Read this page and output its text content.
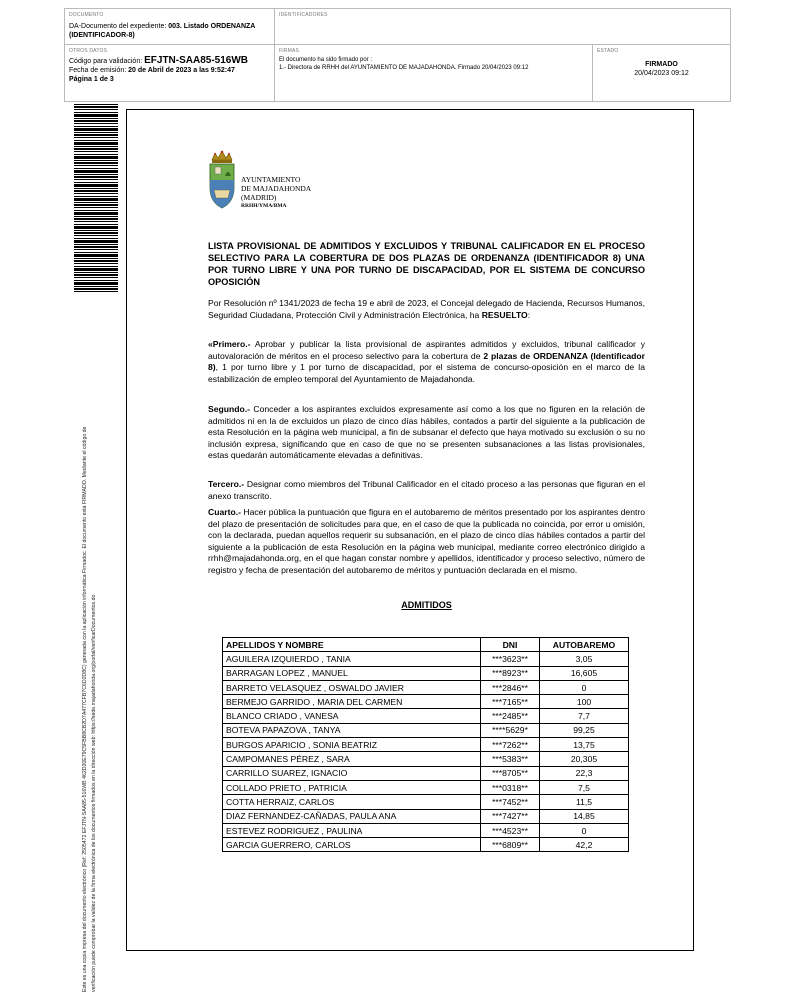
DOCUMENTO
DA-Documento del expediente: 003. Listado ORDENANZA (IDENTIFICADOR-8)
IDENTIFICADORES
OTROS DATOS
Código para validación: EFJTN-SAA85-516WB
Fecha de emisión: 20 de Abril de 2023 a las 9:52:47
Página 1 de 3
FIRMAS
El documento ha sido firmado por :
1.- Directora de RRHH del AYUNTAMIENTO DE MAJADAHONDA. Firmado 20/04/2023 09:12
ESTADO
FIRMADO
20/04/2023 09:12
Este es una copia impresa del documento electrónico (Ref: 2505472 EFJTN-SAA85-516WB 462D20E79C5FBB8CB2D7A477CFB7C6D2D8C) generada con la aplicación informática Firmadoc. El documento está FIRMADO. Mediante el código de verificación puede comprobar la validez de la firma electrónica de los documentos firmados en la dirección web: https://sede.majadahonda.org/portal/verificarDocumentos.do
AYUNTAMIENTO
DE MAJADAHONDA
(MADRID)
RRHH/YMA/BMA
LISTA PROVISIONAL DE ADMITIDOS Y EXCLUIDOS Y TRIBUNAL CALIFICADOR EN EL PROCESO SELECTIVO PARA LA COBERTURA DE DOS PLAZAS DE ORDENANZA (IDENTIFICADOR 8) UNA POR TURNO LIBRE Y UNA POR TURNO DE DISCAPACIDAD, POR EL SISTEMA DE CONCURSO OPOSICIÓN
Por Resolución nº 1341/2023 de fecha 19 e abril de 2023, el Concejal delegado de Hacienda, Recursos Humanos, Seguridad Ciudadana, Protección Civil y Administración Electrónica, ha RESUELTO:
«Primero.- Aprobar y publicar la lista provisional de aspirantes admitidos y excluidos, tribunal calificador y autovaloración de méritos en el proceso selectivo para la cobertura de 2 plazas de ORDENANZA (Identificador 8), 1 por turno libre y 1 por turno de discapacidad, por el sistema de concurso-oposición en el marco de la estabilización de empleo temporal del Ayuntamiento de Majadahonda.
Segundo.- Conceder a los aspirantes excluidos expresamente así como a los que no figuren en la relación de admitidos ni en la de excluidos un plazo de cinco días hábiles, contados a partir del siguiente a la publicación de esta Resolución en la página web municipal, a fin de subsanar el defecto que haya motivado su exclusión o su no inclusión expresa, significando que en caso de que no se presenten subsanaciones a las listas provisionales, estas quedarán automáticamente elevadas a definitivas.
Tercero.- Designar como miembros del Tribunal Calificador en el citado proceso a las personas que figuran en el anexo transcrito.
Cuarto.- Hacer pública la puntuación que figura en el autobaremo de méritos presentado por los aspirantes dentro del plazo de presentación de solicitudes para que, en el caso de que la publicada no coincida, por error u omisión, con la declarada, puedan aquellos requerir su subsanación, en el plazo de cinco días hábiles contados a partir del siguiente a la publicación de esta Resolución en la página web municipal, mediante correo electrónico dirigido a rrhh@majadahonda.org, en el que hagan constar nombre y apellidos, identificador y proceso selectivo, número de registro y fecha de presentación del autobaremo de méritos y puntuación declarada en el mismo.
ADMITIDOS
APELLIDOS Y NOMBRE	DNI	AUTOBAREMO
AGUILERA IZQUIERDO , TANIA	***3623**	3,05
BARRAGAN LOPEZ , MANUEL	***8923**	16,605
BARRETO VELASQUEZ , OSWALDO JAVIER	***2846**	0
BERMEJO GARRIDO , MARIA DEL CARMEN	***7165**	100
BLANCO CRIADO , VANESA	***2485**	7,7
BOTEVA PAPAZOVA , TANYA	****5629*	99,25
BURGOS APARICIO , SONIA BEATRIZ	***7262**	13,75
CAMPOMANES PÉREZ , SARA	***5383**	20,305
CARRILLO SUAREZ, IGNACIO	***8705**	22,3
COLLADO PRIETO , PATRICIA	***0318**	7,5
COTTA HERRAIZ, CARLOS	***7452**	11,5
DIAZ FERNANDEZ-CAÑADAS, PAULA ANA	***7427**	14,85
ESTEVEZ RODRIGUEZ , PAULINA	***4523**	0
GARCIA GUERRERO, CARLOS	***6809**	42,2
